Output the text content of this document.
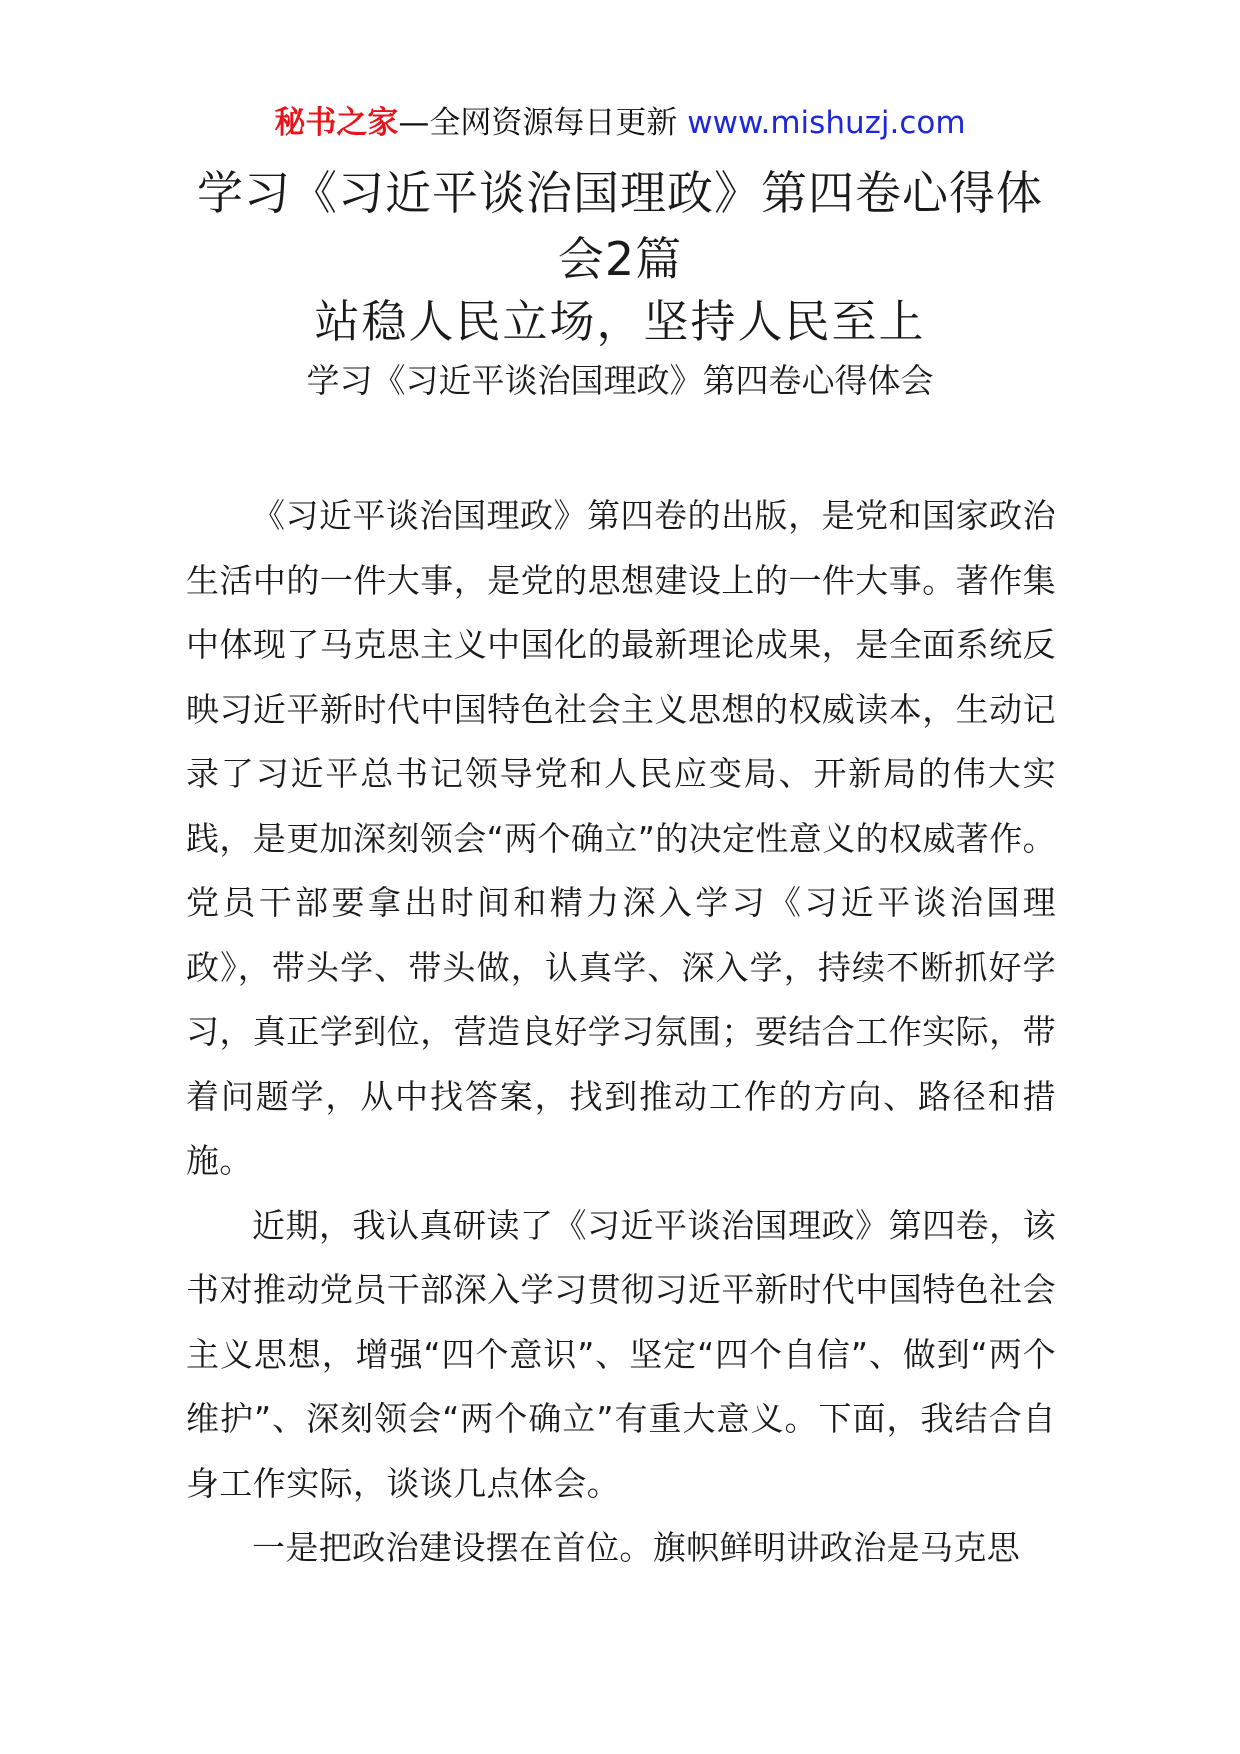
秘书之家—全网资源每日更新 www.mishuzj.com
学习《习近平谈治国理政》第四卷心得体会2篇
站稳人民立场，坚持人民至上

学习《习近平谈治国理政》第四卷心得体会

《习近平谈治国理政》第四卷的出版，是党和国家政治生活中的一件大事，是党的思想建设上的一件大事。著作集中体现了马克思主义中国化的最新理论成果，是全面系统反映习近平新时代中国特色社会主义思想的权威读本，生动记录了习近平总书记领导党和人民应变局、开新局的伟大实践，是更加深刻领会“两个确立”的决定性意义的权威著作。党员干部要拿出时间和精力深入学习《习近平谈治国理政》，带头学、带头做，认真学、深入学，持续不断抓好学习，真正学到位，营造良好学习氛围；要结合工作实际，带着问题学，从中找答案，找到推动工作的方向、路径和措施。

近期，我认真研读了《习近平谈治国理政》第四卷，该书对推动党员干部深入学习贯彻习近平新时代中国特色社会主义思想，增强“四个意识”、坚定“四个自信”、做到“两个维护”、深刻领会“两个确立”有重大意义。下面，我结合自身工作实际，谈谈几点体会。

一是把政治建设摆在首位。旗帜鲜明讲政治是马克思
